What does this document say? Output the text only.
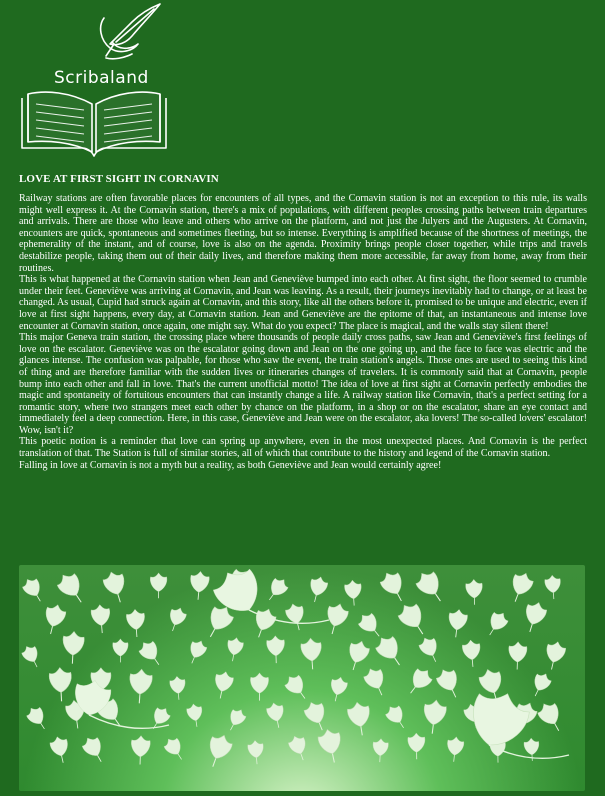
Scribaland
LOVE AT FIRST SIGHT IN CORNAVIN

Railway stations are often favorable places for encounters of all types, and the Cornavin station is not an exception to this rule, its walls might well express it. At the Cornavin station, there's a mix of populations, with different peoples crossing paths between train departures and arrivals. There are those who leave and others who arrive on the platform, and not just the Julyers and the Augusters. At Cornavin, encounters are quick, spontaneous and sometimes fleeting, but so intense. Everything is amplified because of the shortness of meetings, the ephemerality of the instant, and of course, love is also on the agenda. Proximity brings people closer together, while trips and travels destabilize people, taking them out of their daily lives, and therefore making them more accessible, far away from home, away from their routines.

This is what happened at the Cornavin station when Jean and Geneviève bumped into each other. At first sight, the floor seemed to crumble under their feet. Geneviève was arriving at Cornavin, and Jean was leaving. As a result, their journeys inevitably had to change, or at least be changed. As usual, Cupid had struck again at Cornavin, and this story, like all the others before it, promised to be unique and electric, even if love at first sight happens, every day, at Cornavin station. Jean and Geneviève are the epitome of that, an instantaneous and intense love encounter at Cornavin station, once again, one might say. What do you expect? The place is magical, and the walls stay silent there!

This major Geneva train station, the crossing place where thousands of people daily cross paths, saw Jean and Geneviève's first feelings of love on the escalator. Geneviève was on the escalator going down and Jean on the one going up, and the face to face was electric and the glances intense. The confusion was palpable, for those who saw the event, the train station's angels. Those ones are used to seeing this kind of thing and are therefore familiar with the sudden lives or itineraries changes of travelers. It is commonly said that at Cornavin, people bump into each other and fall in love. That's the current unofficial motto! The idea of love at first sight at Cornavin perfectly embodies the magic and spontaneity of fortuitous encounters that can instantly change a life. A railway station like Cornavin, that's a perfect setting for a romantic story, where two strangers meet each other by chance on the platform, in a shop or on the escalator, share an eye contact and immediately feel a deep connection. Here, in this case, Geneviève and Jean were on the escalator, aka lovers! The so-called lovers' escalator! Wow, isn't it?

This poetic notion is a reminder that love can spring up anywhere, even in the most unexpected places. And Cornavin is the perfect translation of that. The Station is full of similar stories, all of which that contribute to the history and legend of the Cornavin station.

Falling in love at Cornavin is not a myth but a reality, as both Geneviève and Jean would certainly agree!
